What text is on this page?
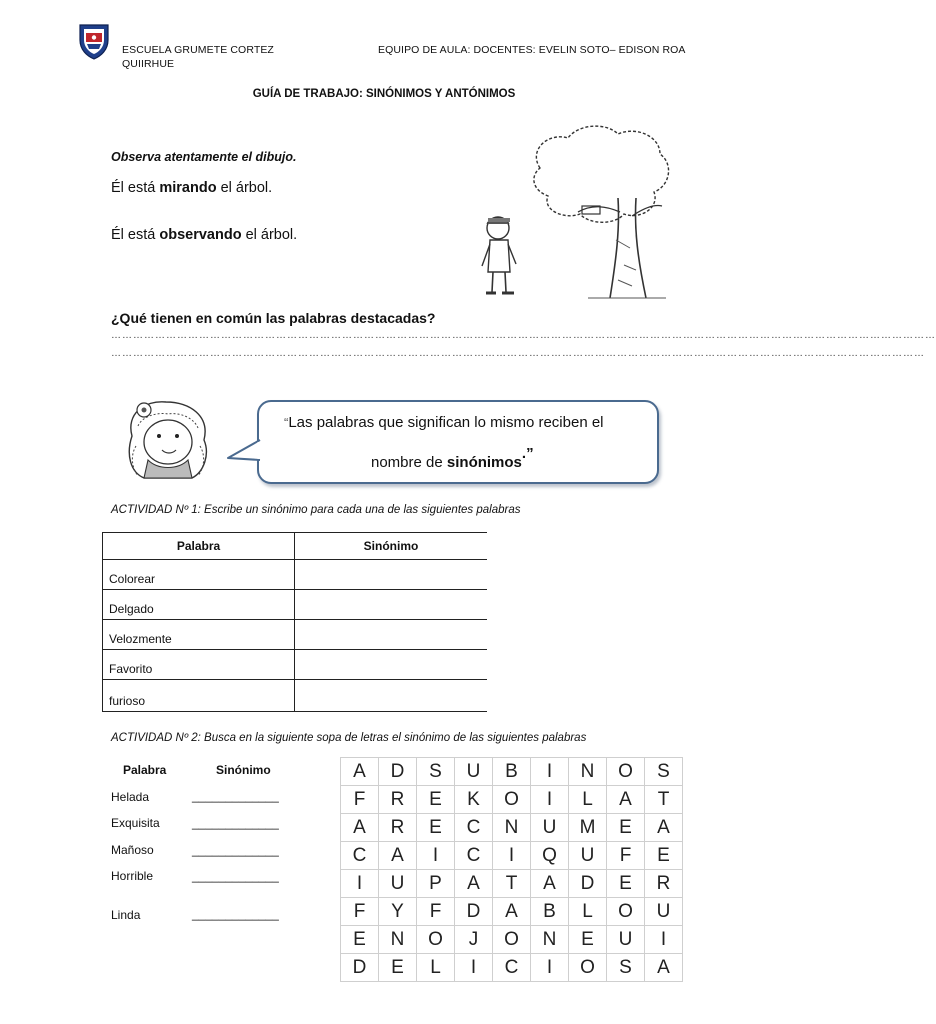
ESCUELA GRUMETE CORTEZ
QUIIRHUE
EQUIPO DE AULA: DOCENTES: EVELIN SOTO– EDISON ROA
GUÍA DE TRABAJO: SINÓNIMOS Y ANTÓNIMOS
Observa atentamente el dibujo.
Él está mirando el árbol.
Él está observando el árbol.
¿Qué tienen en común las palabras destacadas?
………………………………………………………………………………………………………………………………………………………………………………………………………
……………………………………………………………………………………………………………………………………………………………………………………………………
“Las palabras que significan lo mismo reciben el
nombre de sinónimos.”
ACTIVIDAD Nº 1: Escribe un sinónimo para cada una de las siguientes palabras
Palabra	Sinónimo
Colorear	
Delgado	
Velozmente	
Favorito	
furioso	
ACTIVIDAD Nº 2: Busca en la siguiente sopa de letras el sinónimo de las siguientes palabras
Palabra	Sinónimo
Helada	_____________
Exquisita	_____________
Mañoso	_____________
Horrible	_____________
Linda	_____________
A	D	S	U	B	I	N	O	S
F	R	E	K	O	I	L	A	T
A	R	E	C	N	U	M	E	A
C	A	I	C	I	Q	U	F	E
I	U	P	A	T	A	D	E	R
F	Y	F	D	A	B	L	O	U
E	N	O	J	O	N	E	U	I
D	E	L	I	C	I	O	S	A
